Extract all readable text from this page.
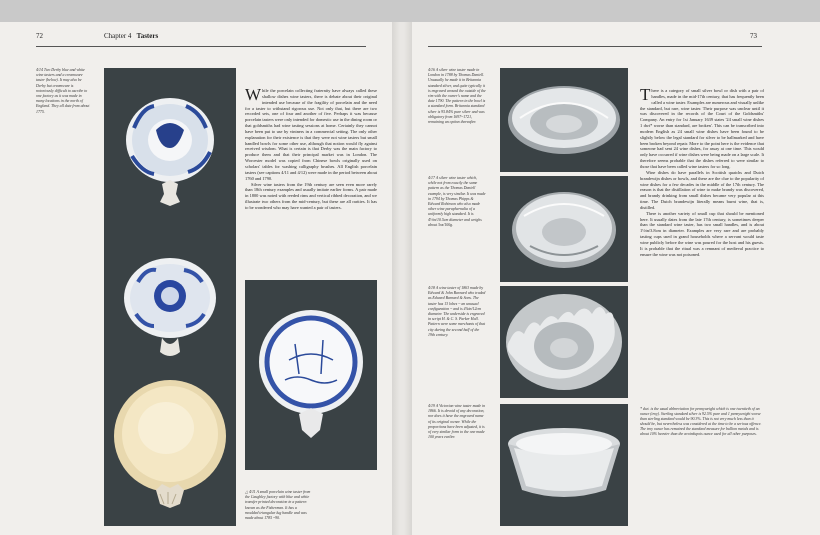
72	Chapter 4 Tasters
4/14 Two Derby blue and white wine tasters and a creamware taster (below). It may also be Derby but creamware is notoriously difficult to ascribe to one factory as it was made in many locations in the north of England. They all date from about 1775.

While the porcelain collecting fraternity have always called these shallow dishes wine tasters, there is debate about their original intended use because of the fragility of porcelain and the need for a taster to withstand rigorous use. Not only that, but there are two recorded sets, one of four and another of five. Perhaps it was because porcelain tasters were only intended for domestic use in the dining room or that goldsmiths had wine tasting sessions at home. Certainly they cannot have been put to use by vintners in a commercial setting. The only other explanation for their existence is that they were not wine tasters but small handled bowls for some other use, although that notion would fly against received wisdom. What is certain is that Derby was the main factory to produce them and that their principal market was in London. The Worcester model was copied from Chinese bowls originally used on scholars' tables for washing calligraphy brushes. All English porcelain tasters (see captions 4/11 and 4/12) were made in the period between about 1760 and 1790.

Silver wine tasters from the 19th century are seen even more rarely than 18th century examples and usually imitate earlier forms. A pair made in 1800 was noted with reeded rims and vertical ribbed decoration, and we illustrate two others from the mid-century, but these are all rarities. It has to be wondered who may have wanted a pair of tasters.

△ 4/11 A small porcelain wine taster from the Caughley factory with blue and white transfer printed decoration in a pattern known as the Fisherman. It has a moulded triangular lug handle and was made about 1785 ~90.
73
4/16 A silver wine taster made in London in 1788 by Thomas Daniell. Unusually he made it in Britannia standard silver, and quite typically it is engraved around the outside of the rim with the owner's name and the date 1790. The pattern in the bowl is a standard form. Britannia standard silver is 95.84% pure silver and was obligatory from 1697~1721, remaining an option thereafter.
4/17 A silver wine taster which, while not from exactly the same pattern as the Thomas Daniell example, is very similar. It was made in 1794 by Thomas Phipps & Edward Robinson who also made other wine paraphernalia of a uniformly high standard. It is 4½in/10.5cm diameter and weighs about 3oz/100g.
4/18 A wine taster of 1863 made by Edward & John Barnard who traded as Edward Barnard & Sons. The taster has 13 lobes ~ an unusual configuration ~ and is 4⅛in/12cm diameter. The underside is engraved in script H. & C. S. Parker Hall. Pattern were some merchants of that city during the second half of the 19th century.
4/19 A Victorian wine taster made in 1866. It is devoid of any decoration, nor does it have the engraved name of its original owner. While the proportions have been adjusted, it is of very similar form to the one made 100 years earlier.

There is a category of small silver bowl or dish with a pair of handles, made in the mid-17th century, that has frequently been called a wine taster. Examples are numerous and visually unlike the standard, but rare, wine taster. Their purpose was unclear until it was discovered in the records of the Court of the Goldsmiths' Company. An entry for 1st January 1639 states '24 small wine dishes 1 dwt* worse than standard, are broken'. This can be transcribed into modern English as 24 small wine dishes have been found to be slightly below the legal standard for silver to be hallmarked and have been broken beyond repair. More to the point here is the evidence that someone had sent 24 wine dishes, for assay at one time. This would only have occurred if wine dishes were being made on a large scale. It therefore seems probable that the dishes referred to were similar to those that have been called wine tasters for so long.

Wine dishes do have parallels in Scottish quaichs and Dutch brandewijn dishes or bowls, and these are the clue to the popularity of wine dishes for a few decades in the middle of the 17th century. The reason is that the distillation of wine to make brandy was discovered, and brandy drinking from small dishes became very popular at this time. The Dutch brandewijn literally means burnt wine, that is, distilled.

There is another variety of small cup that should be mentioned here. It usually dates from the late 17th century, is sometimes deeper than the standard wine taster, has two small handles, and is about 1½in/3.8cm in diameter. Examples are very rare and are probably tasting cups used in grand households where a servant would taste wine publicly before the wine was poured for the host and his guests. It is probable that the ritual was a remnant of medieval practice to ensure the wine was not poisoned.

* dwt. is the usual abbreviation for pennyweight which is one twentieth of an ounce (troy). Sterling standard silver is 92.5% pure and 1 pennyweight worse than sterling standard would be 90.3%. This is not very much less than it should be, but nevertheless was considered at the time to be a serious offence. The troy ounce has remained the standard measure for bullion metals and is about 10% heavier than the avoirdupois ounce used for all other purposes.
